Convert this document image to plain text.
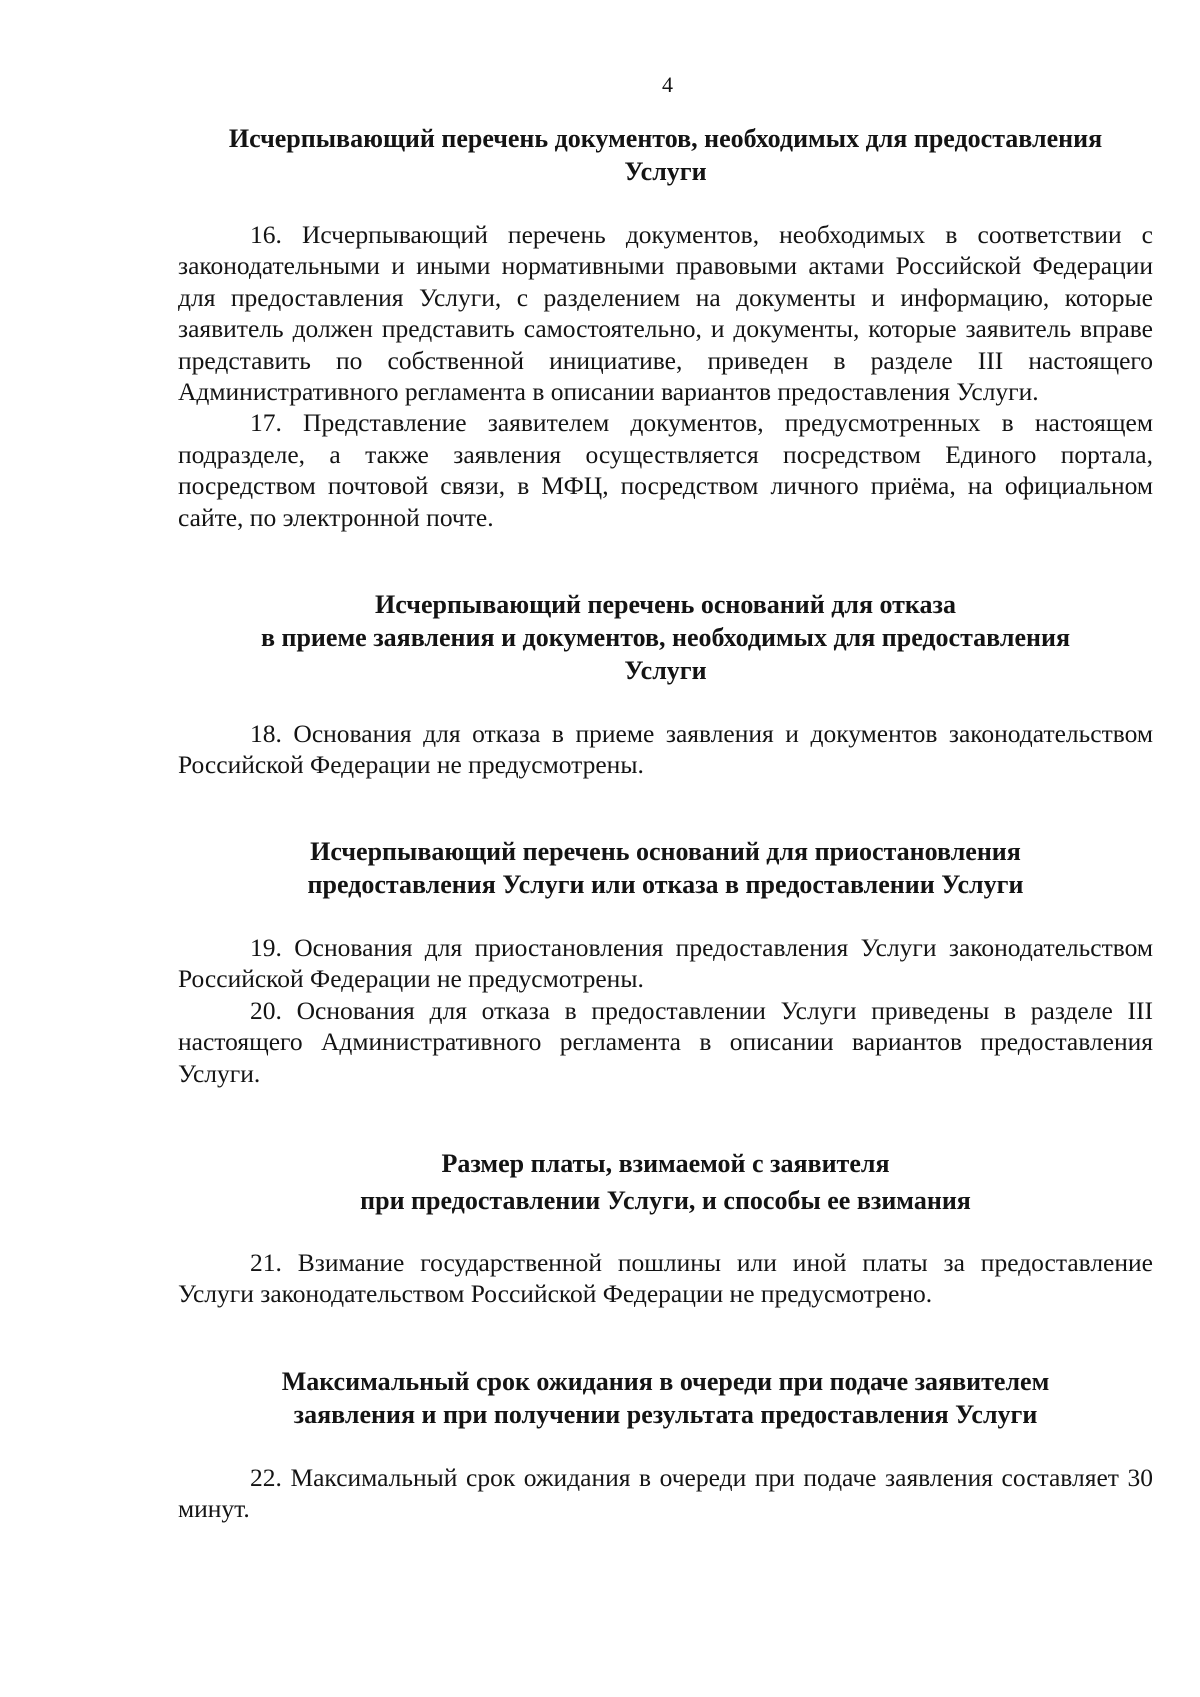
4

Исчерпывающий перечень документов, необходимых для предоставления
Услуги

16. Исчерпывающий перечень документов, необходимых в соответствии с законодательными и иными нормативными правовыми актами Российской Федерации для предоставления Услуги, с разделением на документы и информацию, которые заявитель должен представить самостоятельно, и документы, которые заявитель вправе представить по собственной инициативе, приведен в разделе III настоящего Административного регламента в описании вариантов предоставления Услуги.

17. Представление заявителем документов, предусмотренных в настоящем подразделе, а также заявления осуществляется посредством Единого портала, посредством почтовой связи, в МФЦ, посредством личного приёма, на официальном сайте, по электронной почте.

Исчерпывающий перечень оснований для отказа
в приеме заявления и документов, необходимых для предоставления
Услуги

18. Основания для отказа в приеме заявления и документов законодательством Российской Федерации не предусмотрены.

Исчерпывающий перечень оснований для приостановления
предоставления Услуги или отказа в предоставлении Услуги

19. Основания для приостановления предоставления Услуги законодательством Российской Федерации не предусмотрены.

20. Основания для отказа в предоставлении Услуги приведены в разделе III настоящего Административного регламента в описании вариантов предоставления Услуги.

Размер платы, взимаемой с заявителя
при предоставлении Услуги, и способы ее взимания

21. Взимание государственной пошлины или иной платы за предоставление Услуги законодательством Российской Федерации не предусмотрено.

Максимальный срок ожидания в очереди при подаче заявителем
заявления и при получении результата предоставления Услуги

22. Максимальный срок ожидания в очереди при подаче заявления составляет 30 минут.
